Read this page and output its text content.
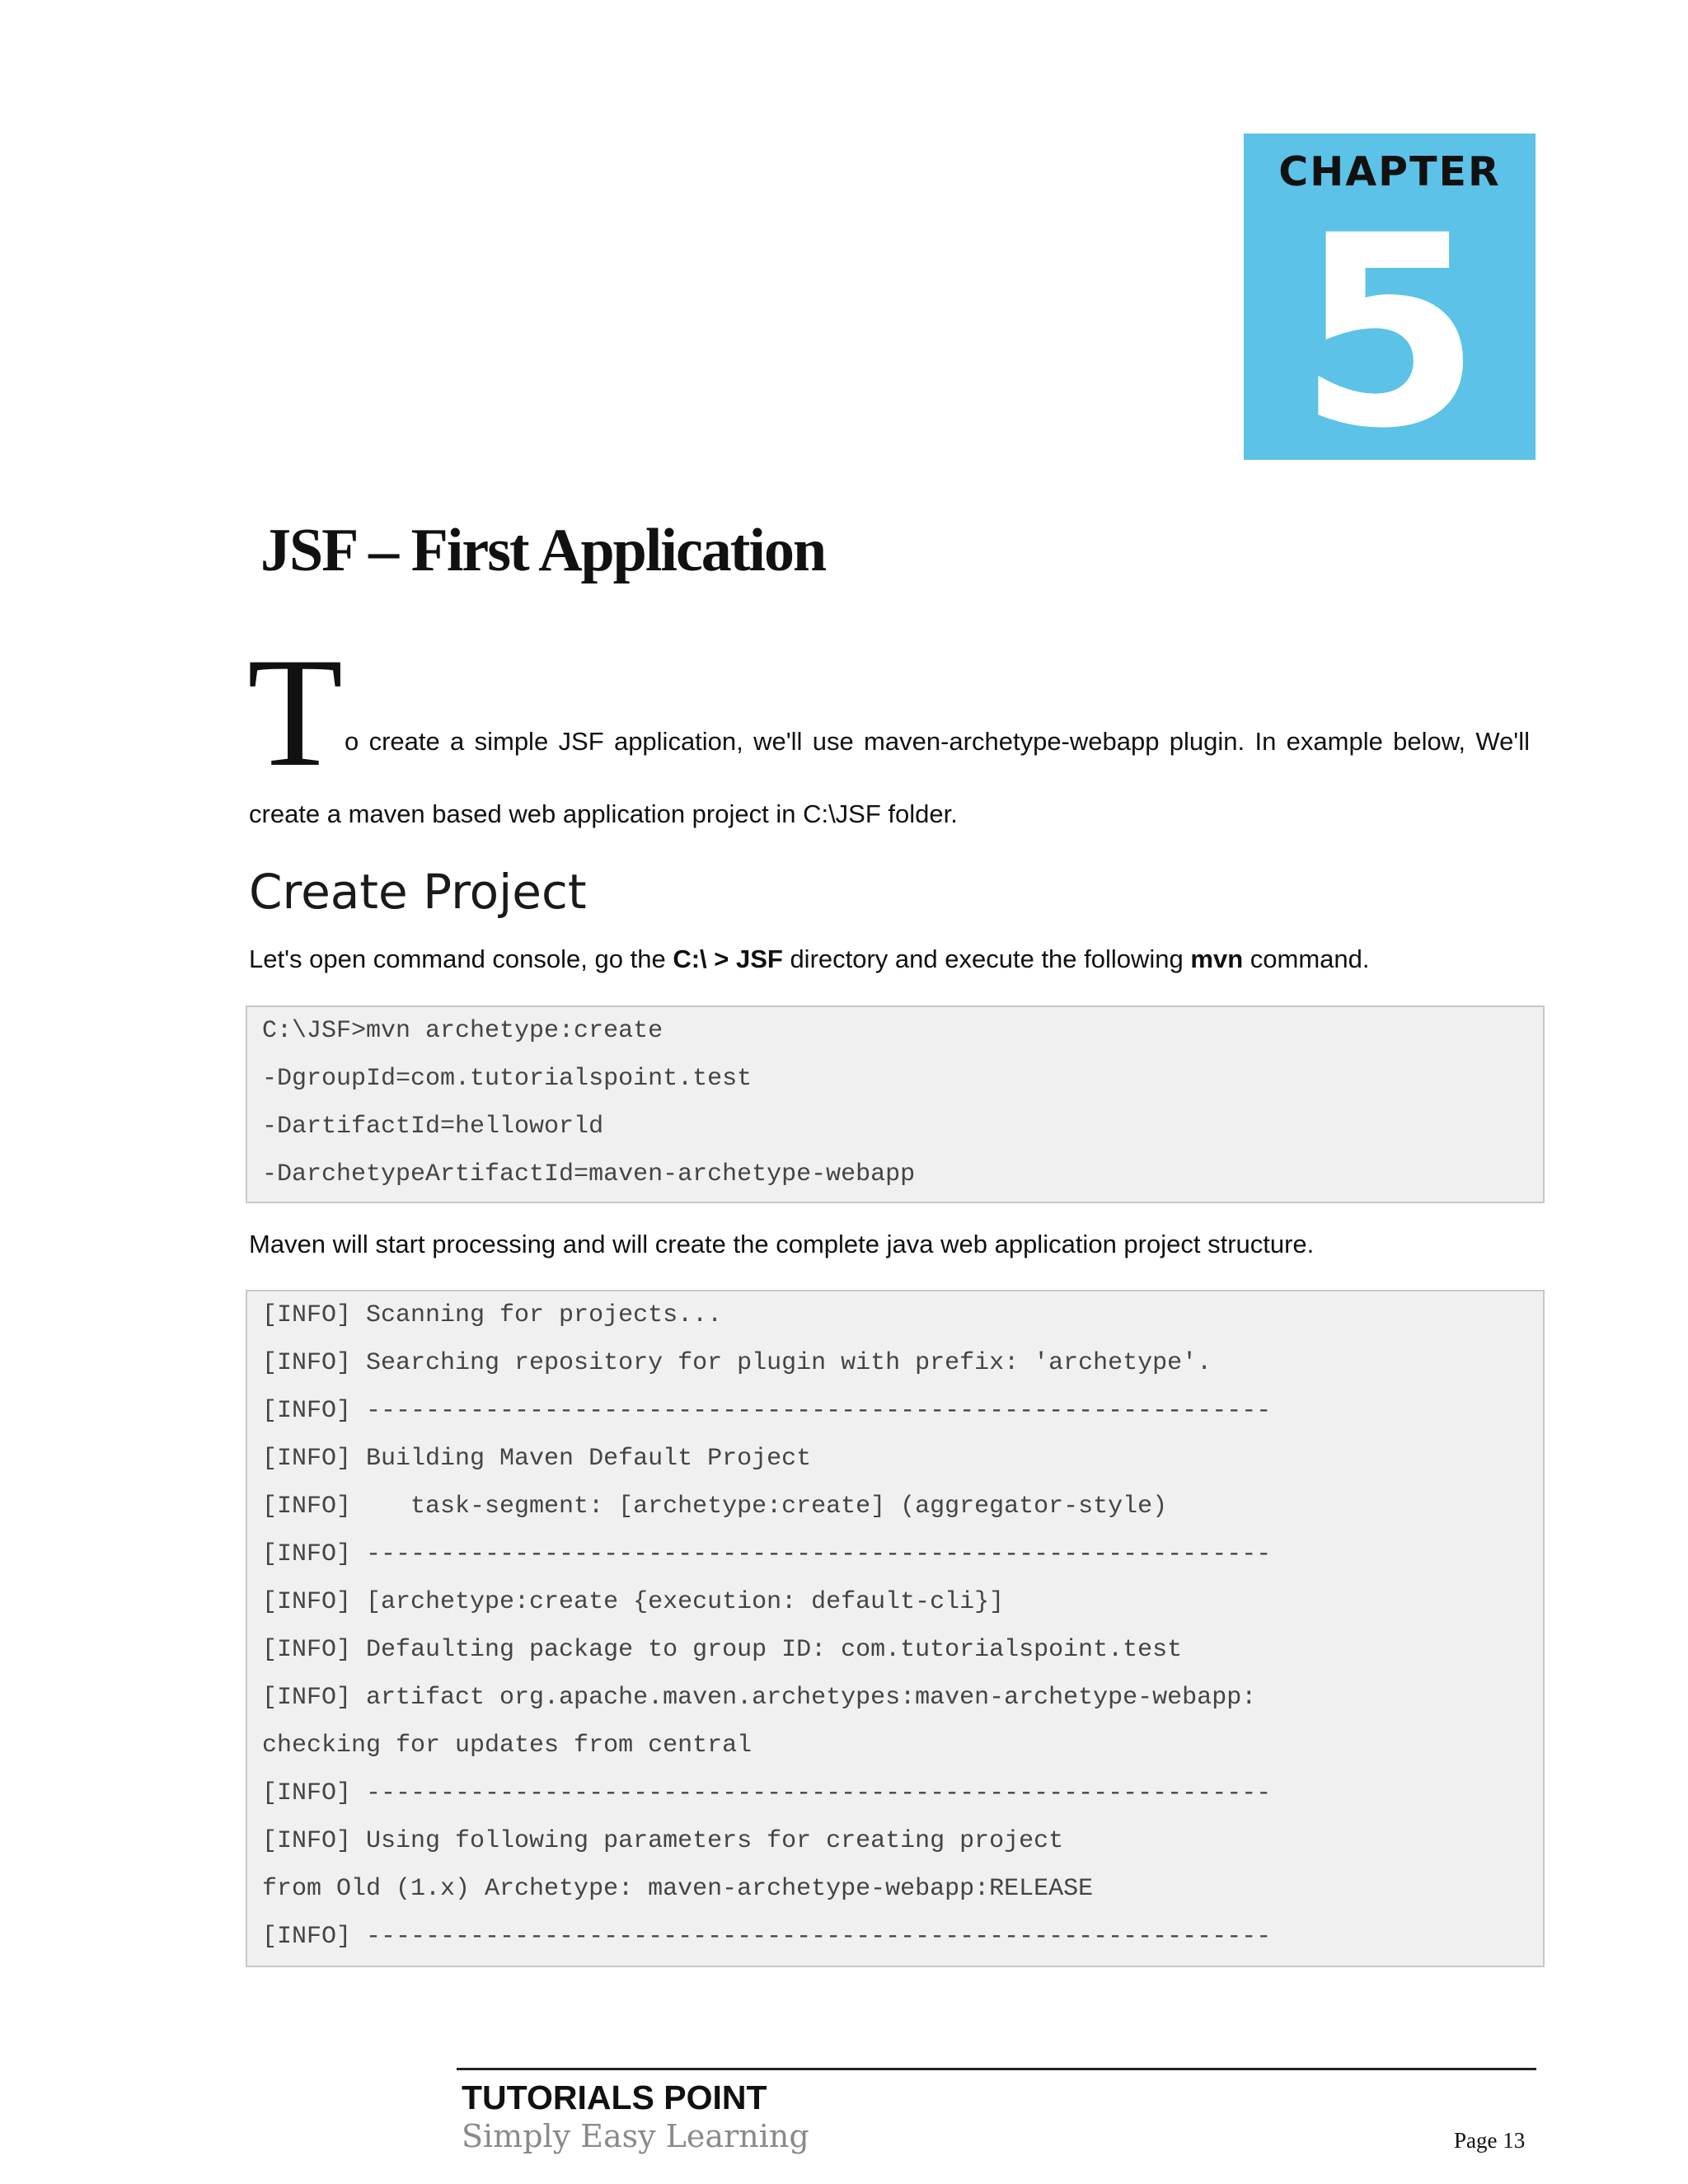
CHAPTER
5
JSF – First Application
T o create a simple JSF application, we'll use maven-archetype-webapp plugin. In example below, We'll
create a maven based web application project in C:\JSF folder.
Create Project
Let's open command console, go the C:\ > JSF directory and execute the following mvn command.
C:\JSF>mvn archetype:create
-DgroupId=com.tutorialspoint.test
-DartifactId=helloworld
-DarchetypeArtifactId=maven-archetype-webapp
Maven will start processing and will create the complete java web application project structure.
[INFO] Scanning for projects...
[INFO] Searching repository for plugin with prefix: 'archetype'.
[INFO] -------------------------------------------------------------
[INFO] Building Maven Default Project
[INFO]    task-segment: [archetype:create] (aggregator-style)
[INFO] -------------------------------------------------------------
[INFO] [archetype:create {execution: default-cli}]
[INFO] Defaulting package to group ID: com.tutorialspoint.test
[INFO] artifact org.apache.maven.archetypes:maven-archetype-webapp:
checking for updates from central
[INFO] -------------------------------------------------------------
[INFO] Using following parameters for creating project
from Old (1.x) Archetype: maven-archetype-webapp:RELEASE
[INFO] -------------------------------------------------------------
TUTORIALS POINT
Simply Easy Learning	Page 13
